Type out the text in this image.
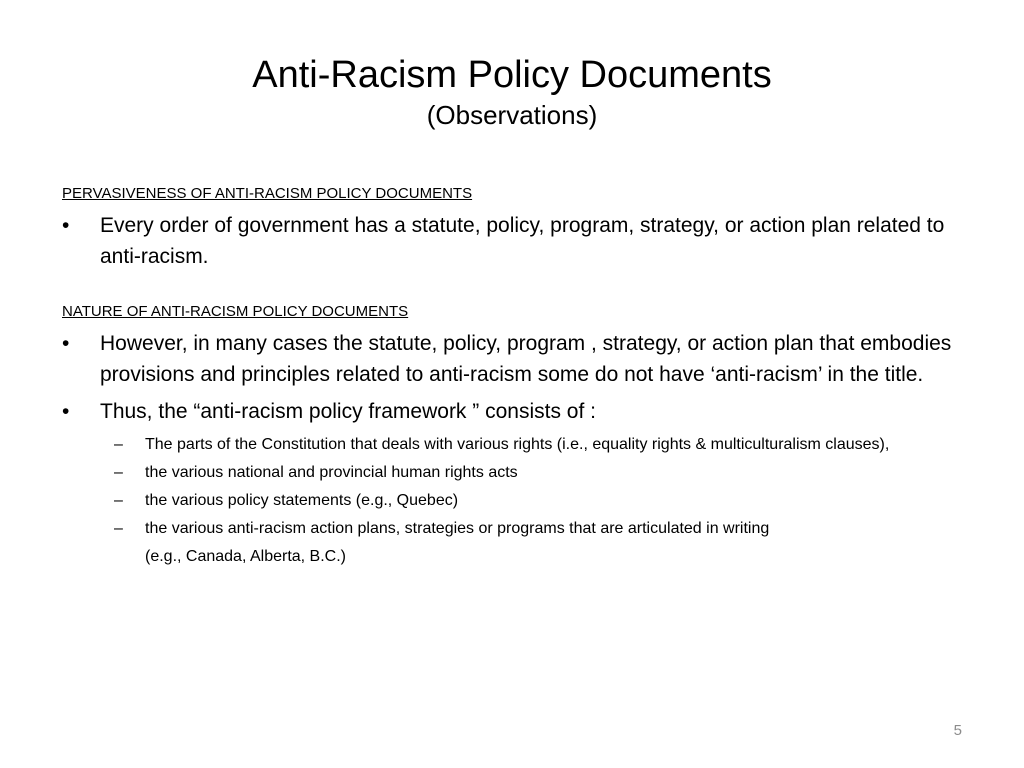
Anti-Racism Policy Documents
(Observations)
PERVASIVENESS OF ANTI-RACISM POLICY DOCUMENTS
• Every order of government has a statute, policy, program, strategy, or action plan related to anti-racism.
NATURE OF ANTI-RACISM POLICY DOCUMENTS
• However, in many cases the statute, policy, program , strategy, or action plan that embodies provisions and principles related to anti-racism some do not have ‘anti-racism’ in the title.
• Thus, the “anti-racism policy framework ” consists of :
– The parts of the Constitution that deals with various rights (i.e., equality rights & multiculturalism clauses),
– the various national and provincial human rights acts
– the various policy statements (e.g., Quebec)
– the various anti-racism action plans, strategies or programs that are articulated in writing
(e.g., Canada, Alberta, B.C.)
5
